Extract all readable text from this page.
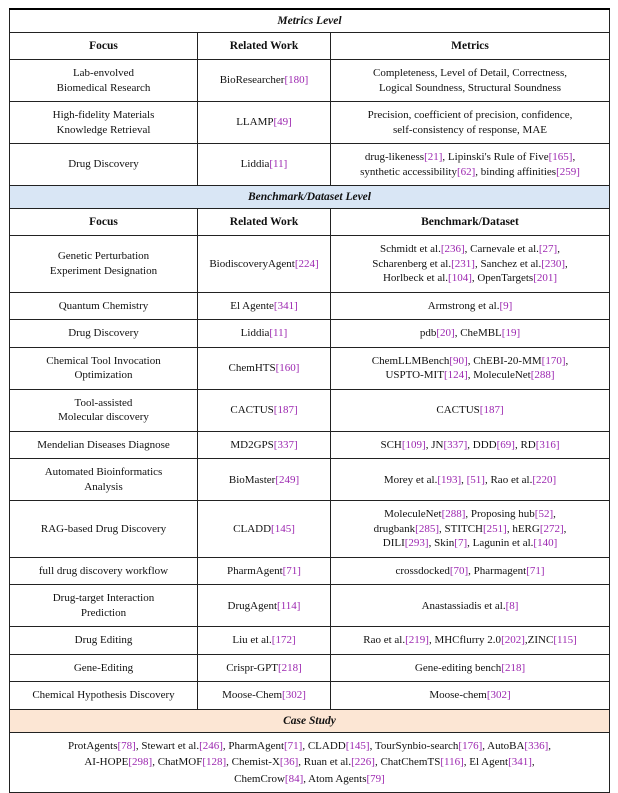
Metrics Level		
Focus	Related Work	Metrics
Lab-envolved
Biomedical Research	BioResearcher[180]	Completeness, Level of Detail, Correctness,
Logical Soundness, Structural Soundness
High-fidelity Materials
Knowledge Retrieval	LLAMP[49]	Precision, coefficient of precision, confidence,
self-consistency of response, MAE
Drug Discovery	Liddia[11]	drug-likeness[21], Lipinski's Rule of Five[165],
synthetic accessibility[62], binding affinities[259]
Benchmark/Dataset Level		
Focus	Related Work	Benchmark/Dataset
Genetic Perturbation
Experiment Designation	BiodiscoveryAgent[224]	Schmidt et al.[236], Carnevale et al.[27],
Scharenberg et al.[231], Sanchez et al.[230],
Horlbeck et al.[104], OpenTargets[201]
Quantum Chemistry	El Agente[341]	Armstrong et al.[9]
Drug Discovery	Liddia[11]	pdb[20], CheMBL[19]
Chemical Tool Invocation
Optimization	ChemHTS[160]	ChemLLMBench[90], ChEBI-20-MM[170],
USPTO-MIT[124], MoleculeNet[288]
Tool-assisted
Molecular discovery	CACTUS[187]	CACTUS[187]
Mendelian Diseases Diagnose	MD2GPS[337]	SCH[109], JN[337], DDD[69], RD[316]
Automated Bioinformatics
Analysis	BioMaster[249]	Morey et al.[193], [51], Rao et al.[220]
RAG-based Drug Discovery	CLADD[145]	MoleculeNet[288], Proposing hub[52],
drugbank[285], STITCH[251], hERG[272],
DILI[293], Skin[7], Lagunin et al.[140]
full drug discovery workflow	PharmAgent[71]	crossdocked[70], Pharmagent[71]
Drug-target Interaction
Prediction	DrugAgent[114]	Anastassiadis et al.[8]
Drug Editing	Liu et al.[172]	Rao et al.[219], MHCflurry 2.0[202],ZINC[115]
Gene-Editing	Crispr-GPT[218]	Gene-editing bench[218]
Chemical Hypothesis Discovery	Moose-Chem[302]	Moose-chem[302]
Case Study		
ProtAgents[78], Stewart et al.[246], PharmAgent[71], CLADD[145], TourSynbio-search[176], AutoBA[336],
AI-HOPE[298], ChatMOF[128], Chemist-X[36], Ruan et al.[226], ChatChemTS[116], El Agent[341],
ChemCrow[84], Atom Agents[79]		
